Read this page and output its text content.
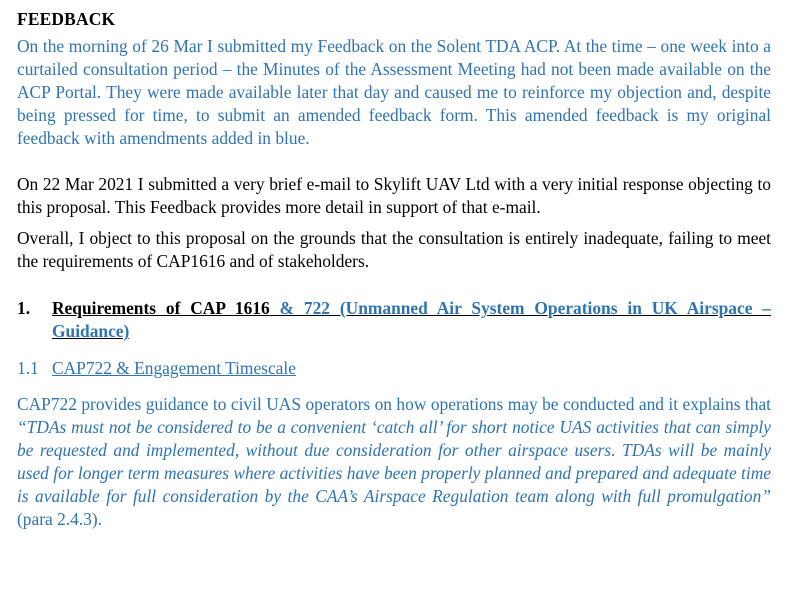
FEEDBACK

On the morning of 26 Mar I submitted my Feedback on the Solent TDA ACP. At the time – one week into a curtailed consultation period – the Minutes of the Assessment Meeting had not been made available on the ACP Portal. They were made available later that day and caused me to reinforce my objection and, despite being pressed for time, to submit an amended feedback form. This amended feedback is my original feedback with amendments added in blue.

On 22 Mar 2021 I submitted a very brief e-mail to Skylift UAV Ltd with a very initial response objecting to this proposal. This Feedback provides more detail in support of that e-mail.

Overall, I object to this proposal on the grounds that the consultation is entirely inadequate, failing to meet the requirements of CAP1616 and of stakeholders.

1.	Requirements of CAP 1616 & 722 (Unmanned Air System Operations in UK Airspace – Guidance)
1.1 CAP722 & Engagement Timescale

CAP722 provides guidance to civil UAS operators on how operations may be conducted and it explains that “TDAs must not be considered to be a convenient ‘catch all’ for short notice UAS activities that can simply be requested and implemented, without due consideration for other airspace users. TDAs will be mainly used for longer term measures where activities have been properly planned and prepared and adequate time is available for full consideration by the CAA’s Airspace Regulation team along with full promulgation” (para 2.4.3).
